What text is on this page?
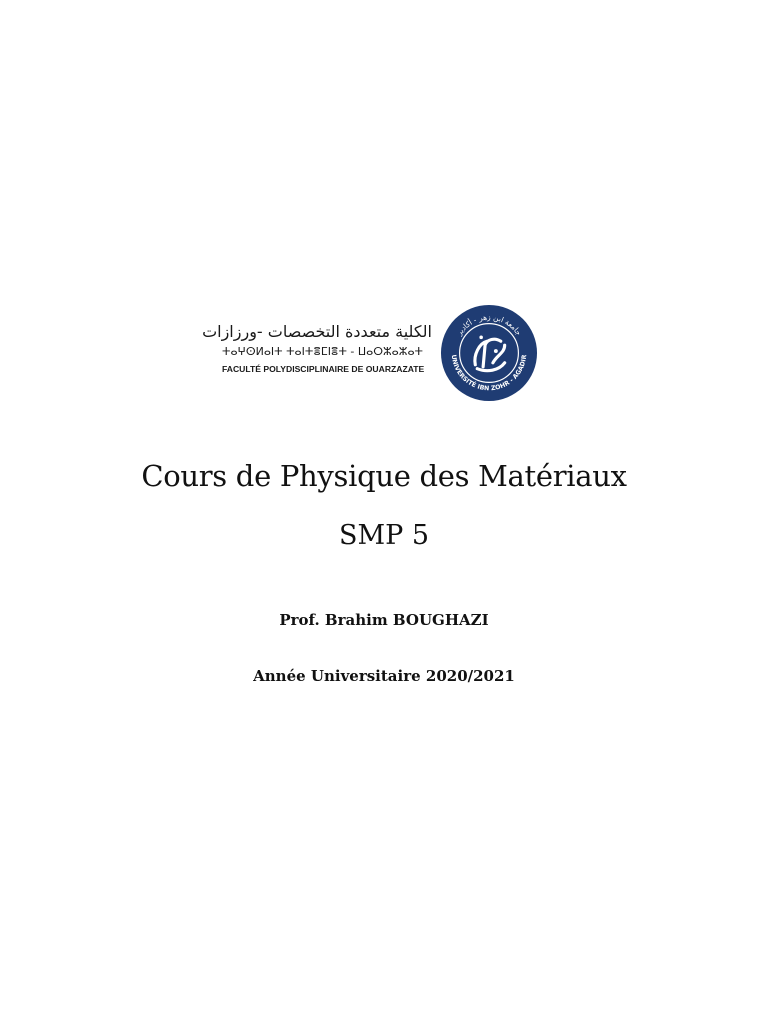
الكلية متعددة التخصصات -ورزازات
ⵜⴰⵖⵙⵍⴰⵏⵜ ⵜⴰⵏⵜⴻⵎⵏⴻⵜ - ⵡⴰⵔⵣⴰⵣⴰⵜ
FACULTÉ POLYDISCIPLINAIRE DE OUARZAZATE
جامعة ابن زهر - أكادير
UNIVERSITÉ IBN ZOHR - AGADIR
Cours de Physique des Matériaux
SMP 5
Prof. Brahim BOUGHAZI
Année Universitaire 2020/2021
